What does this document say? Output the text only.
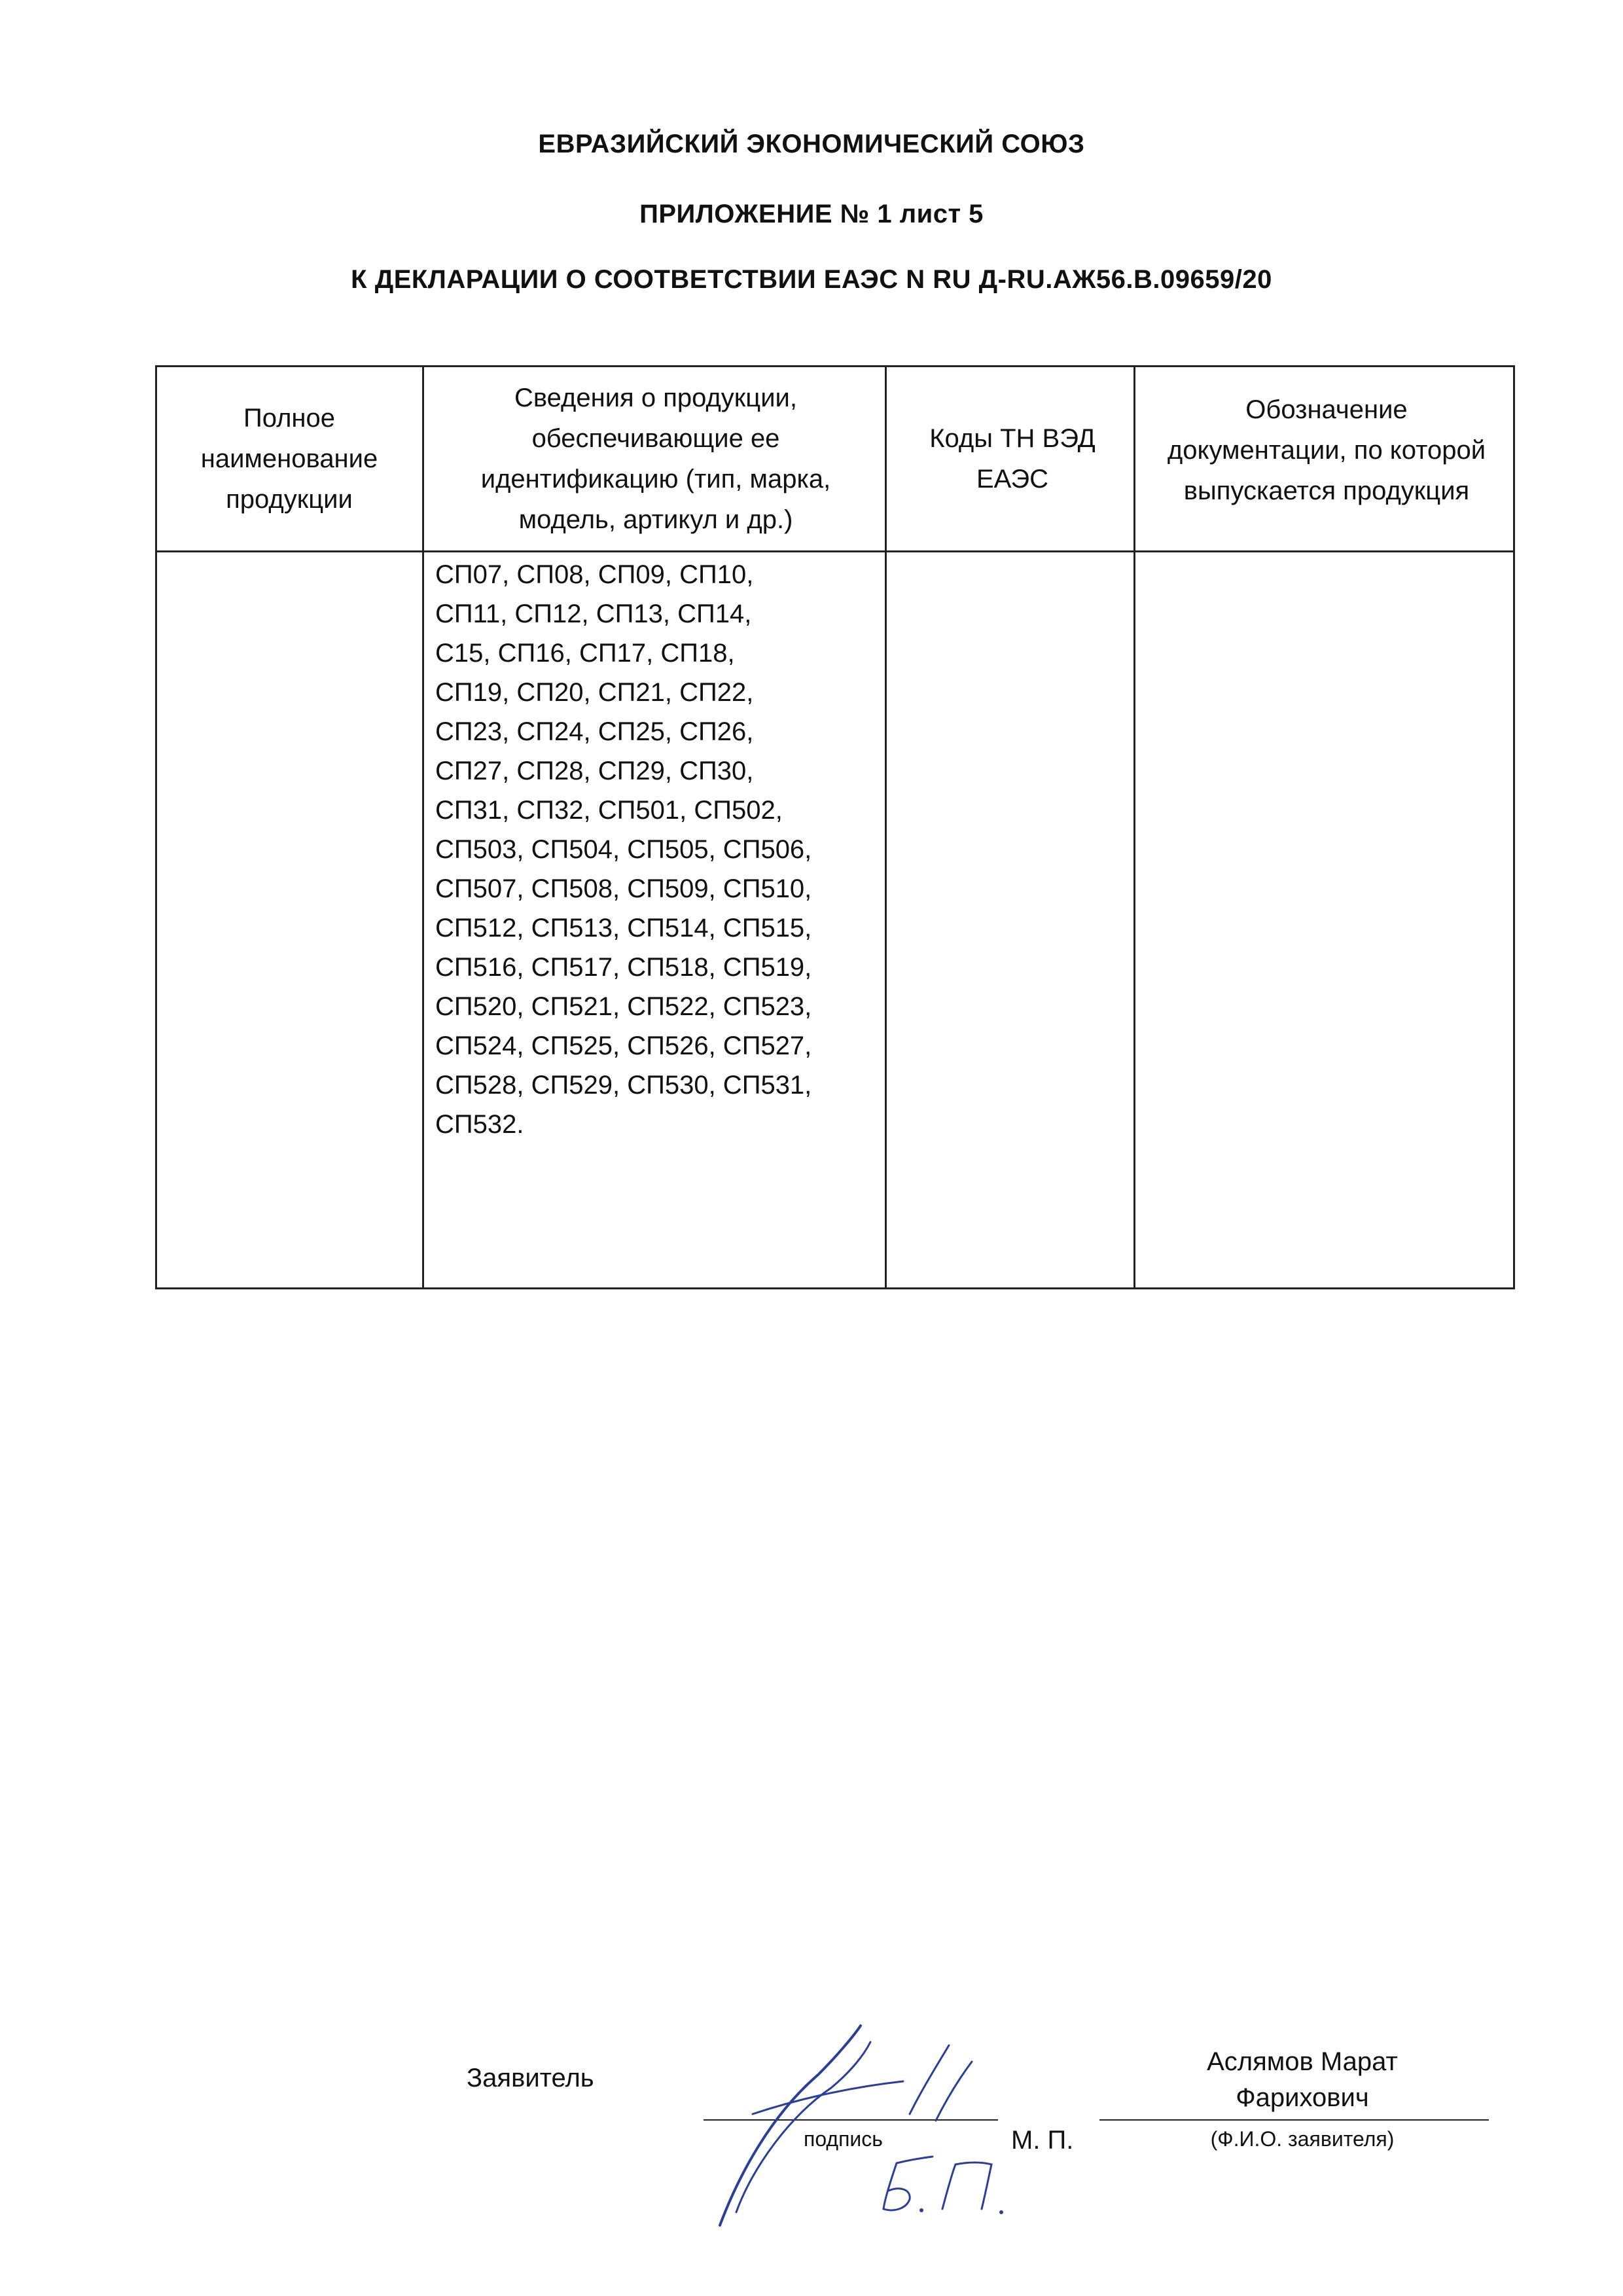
ЕВРАЗИЙСКИЙ ЭКОНОМИЧЕСКИЙ СОЮЗ
ПРИЛОЖЕНИЕ № 1 лист 5
К ДЕКЛАРАЦИИ О СООТВЕТСТВИИ ЕАЭС N RU Д-RU.АЖ56.В.09659/20
Полное наименование продукции
Сведения о продукции, обеспечивающие ее идентификацию (тип, марка, модель, артикул и др.)
Коды ТН ВЭД ЕАЭС
Обозначение документации, по которой выпускается продукция

СП07, СП08, СП09, СП10,
СП11, СП12, СП13, СП14,
С15, СП16, СП17, СП18,
СП19, СП20, СП21, СП22,
СП23, СП24, СП25, СП26,
СП27, СП28, СП29, СП30,
СП31, СП32, СП501, СП502,
СП503, СП504, СП505, СП506,
СП507, СП508, СП509, СП510,
СП512, СП513, СП514, СП515,
СП516, СП517, СП518, СП519,
СП520, СП521, СП522, СП523,
СП524, СП525, СП526, СП527,
СП528, СП529, СП530, СП531,
СП532.

Заявитель
подпись	М. П.
Аслямов Марат
Фарихович
(Ф.И.О. заявителя)
